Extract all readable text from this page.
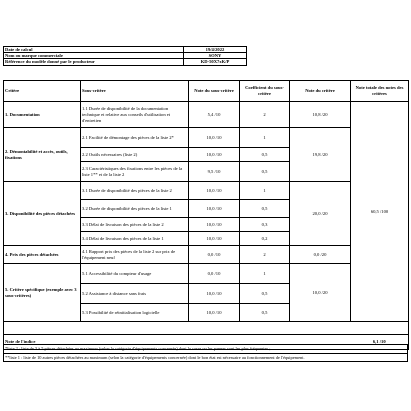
Date de calcul	19/4/2022
Nom ou marque commerciale	SONY
Référence du modèle donné par le producteur	KD-50X7xK/P
Critère	Sous-critère	Note du sous-critère	Coefficient du sous- critère	Note du critère	Note totale des notes des critères
1. Documentation	1.1 Durée de disponibilité de la documentation technique et relative aux conseils d'utilisation et d'entretien	5,4 /10	2	10,8 /20	60,5 /100
2. Démontabilité et accès, outils, fixations	2.1 Facilité de démontage des pièces de la liste 2*	10,0 /10	1	19,8 /20	
	2.2 Outils nécessaires (liste 2)	10,0 /10	0,5		
	2.3 Caractéristiques des fixations entre les pièces de la liste 1** et de la liste 2	9,5 /10	0,5		
3. Disponibilité des pièces détachées	3.1 Durée de disponibilité des pièces de la liste 2	10,0 /10	1	20,0 /20	
	3.2 Durée de disponibilité des pièces de la liste 1	10,0 /10	0,5		
	3.3 Délai de livraison des pièces de la liste 2	10,0 /10	0,3		
	3.4 Délai de livraison des pièces de la liste 1	10,0 /10	0,2		
4. Prix des pièces détachées	4.1 Rapport prix des pièces de la liste 2 sur prix de l'équipement neuf	0,0 /10	2	0,0 /20	
5. Critère spécifique (exemple avec 3 sous-critères)	5.1 Accessibilité du compteur d'usage	0,0 /10	1	10,0 /20	
	5.2 Assistance à distance sans frais	10,0 /10	0,5		
	5.3 Possibilité de réinitialisation logicielle	10,0 /10	0,5		

Note de l'indice					6,1 /10
*liste 2 : liste de 3 à 5 pièces détachées au maximum (selon la catégorie d'équipements concernée) dont la casse ou les pannes sont les plus fréquentes ;
**liste 1 : liste de 10 autres pièces détachées au maximum (selon la catégorie d'équipements concernée) dont le bon état est nécessaire au fonctionnement de l'équipement.
